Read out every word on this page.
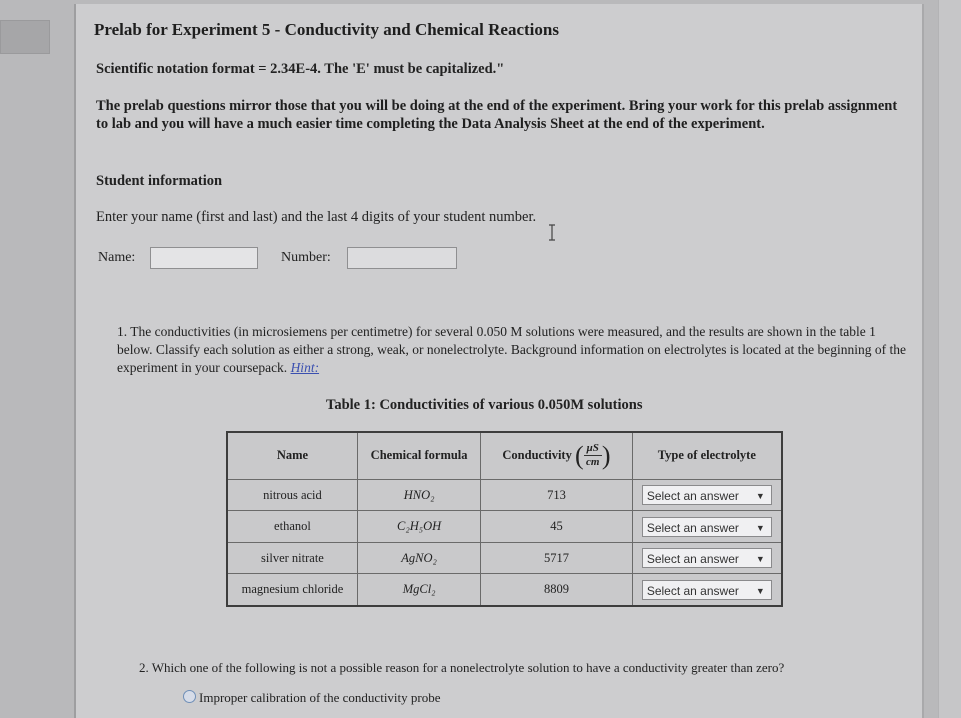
Prelab for Experiment 5 - Conductivity and Chemical Reactions
Scientific notation format = 2.34E-4. The 'E' must be capitalized."
The prelab questions mirror those that you will be doing at the end of the experiment. Bring your work for this prelab assignment to lab and you will have a much easier time completing the Data Analysis Sheet at the end of the experiment.
Student information
Enter your name (first and last) and the last 4 digits of your student number.
Name:	Number:
1. The conductivities (in microsiemens per centimetre) for several 0.050 M solutions were measured, and the results are shown in the table 1 below. Classify each solution as either a strong, weak, or nonelectrolyte. Background information on electrolytes is located at the beginning of the experiment in your coursepack. Hint:
Table 1: Conductivities of various 0.050M solutions
Name	Chemical formula	Conductivity ( $\frac{\mu S}{cm}$)	Type of electrolyte
nitrous acid	HNO₂	713	Select an answer ▼

ethanol	C₂H₅OH	45	Select an answer ▼

silver nitrate	AgNO₂	5717	Select an answer ▼

magnesium chloride	MgCl₂	8809	Select an answer ▼
2. Which one of the following is not a possible reason for a nonelectrolyte solution to have a conductivity greater than zero?
Improper calibration of the conductivity probe
